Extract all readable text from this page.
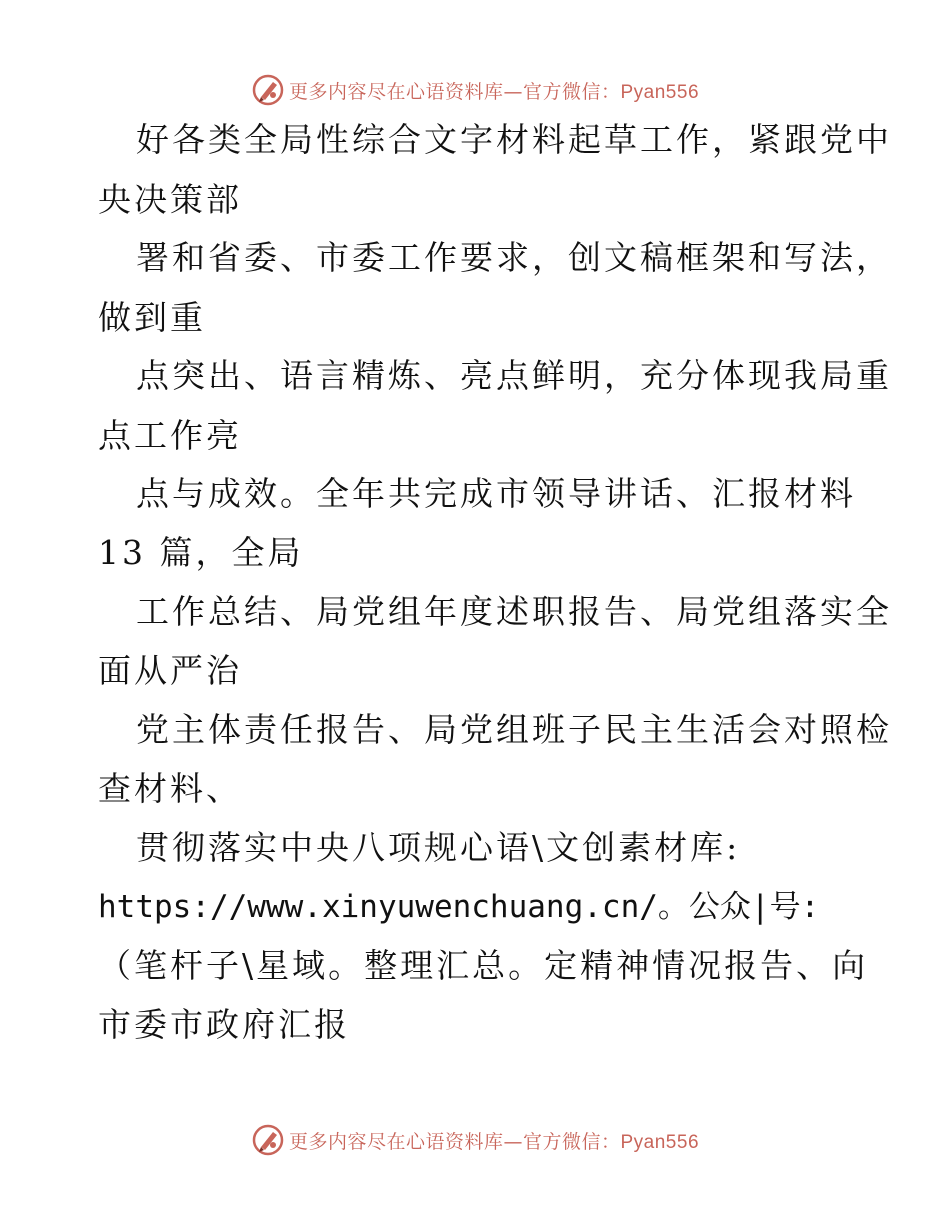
更多内容尽在心语资料库—官方微信：Pyan556
好各类全局性综合文字材料起草工作，紧跟党中
央决策部
署和省委、市委工作要求，创文稿框架和写法，
做到重
点突出、语言精炼、亮点鲜明，充分体现我局重
点工作亮
点与成效。全年共完成市领导讲话、汇报材料
13 篇，全局
工作总结、局党组年度述职报告、局党组落实全
面从严治
党主体责任报告、局党组班子民主生活会对照检
查材料、
贯彻落实中央八项规心语\文创素材库:
https://www.xinyuwenchuang.cn/。公众|号:
（笔杆子\星域。整理汇总。定精神情况报告、向
市委市政府汇报
更多内容尽在心语资料库—官方微信：Pyan556
